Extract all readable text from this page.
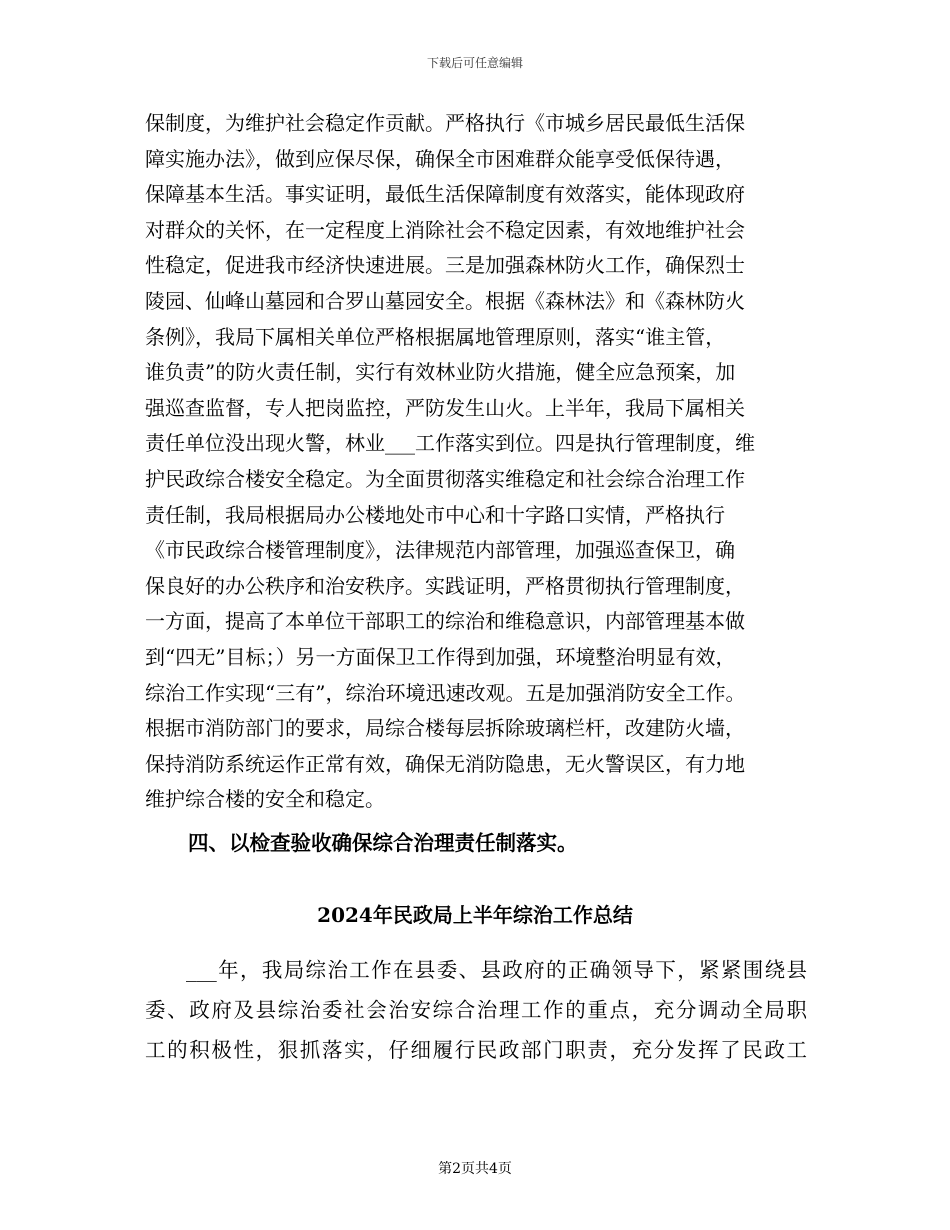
下载后可任意编辑
保制度，为维护社会稳定作贡献。严格执行《市城乡居民最低生活保
障实施办法》，做到应保尽保，确保全市困难群众能享受低保待遇，
保障基本生活。事实证明，最低生活保障制度有效落实，能体现政府
对群众的关怀，在一定程度上消除社会不稳定因素，有效地维护社会
性稳定，促进我市经济快速进展。三是加强森林防火工作，确保烈士
陵园、仙峰山墓园和合罗山墓园安全。根据《森林法》和《森林防火
条例》，我局下属相关单位严格根据属地管理原则，落实“谁主管，
谁负责”的防火责任制，实行有效林业防火措施，健全应急预案，加
强巡查监督，专人把岗监控，严防发生山火。上半年，我局下属相关
责任单位没出现火警，林业___工作落实到位。四是执行管理制度，维
护民政综合楼安全稳定。为全面贯彻落实维稳定和社会综合治理工作
责任制，我局根据局办公楼地处市中心和十字路口实情，严格执行
《市民政综合楼管理制度》，法律规范内部管理，加强巡查保卫，确
保良好的办公秩序和治安秩序。实践证明，严格贯彻执行管理制度，
一方面，提高了本单位干部职工的综治和维稳意识，内部管理基本做
到“四无”目标；）另一方面保卫工作得到加强，环境整治明显有效，
综治工作实现“三有”，综治环境迅速改观。五是加强消防安全工作。
根据市消防部门的要求，局综合楼每层拆除玻璃栏杆，改建防火墙，
保持消防系统运作正常有效，确保无消防隐患，无火警误区，有力地
维护综合楼的安全和稳定。
四、以检查验收确保综合治理责任制落实。
2024年民政局上半年综治工作总结
___年，我局综治工作在县委、县政府的正确领导下，紧紧围绕县
委、政府及县综治委社会治安综合治理工作的重点，充分调动全局职
工的积极性，狠抓落实，仔细履行民政部门职责，充分发挥了民政工
第2页共4页
